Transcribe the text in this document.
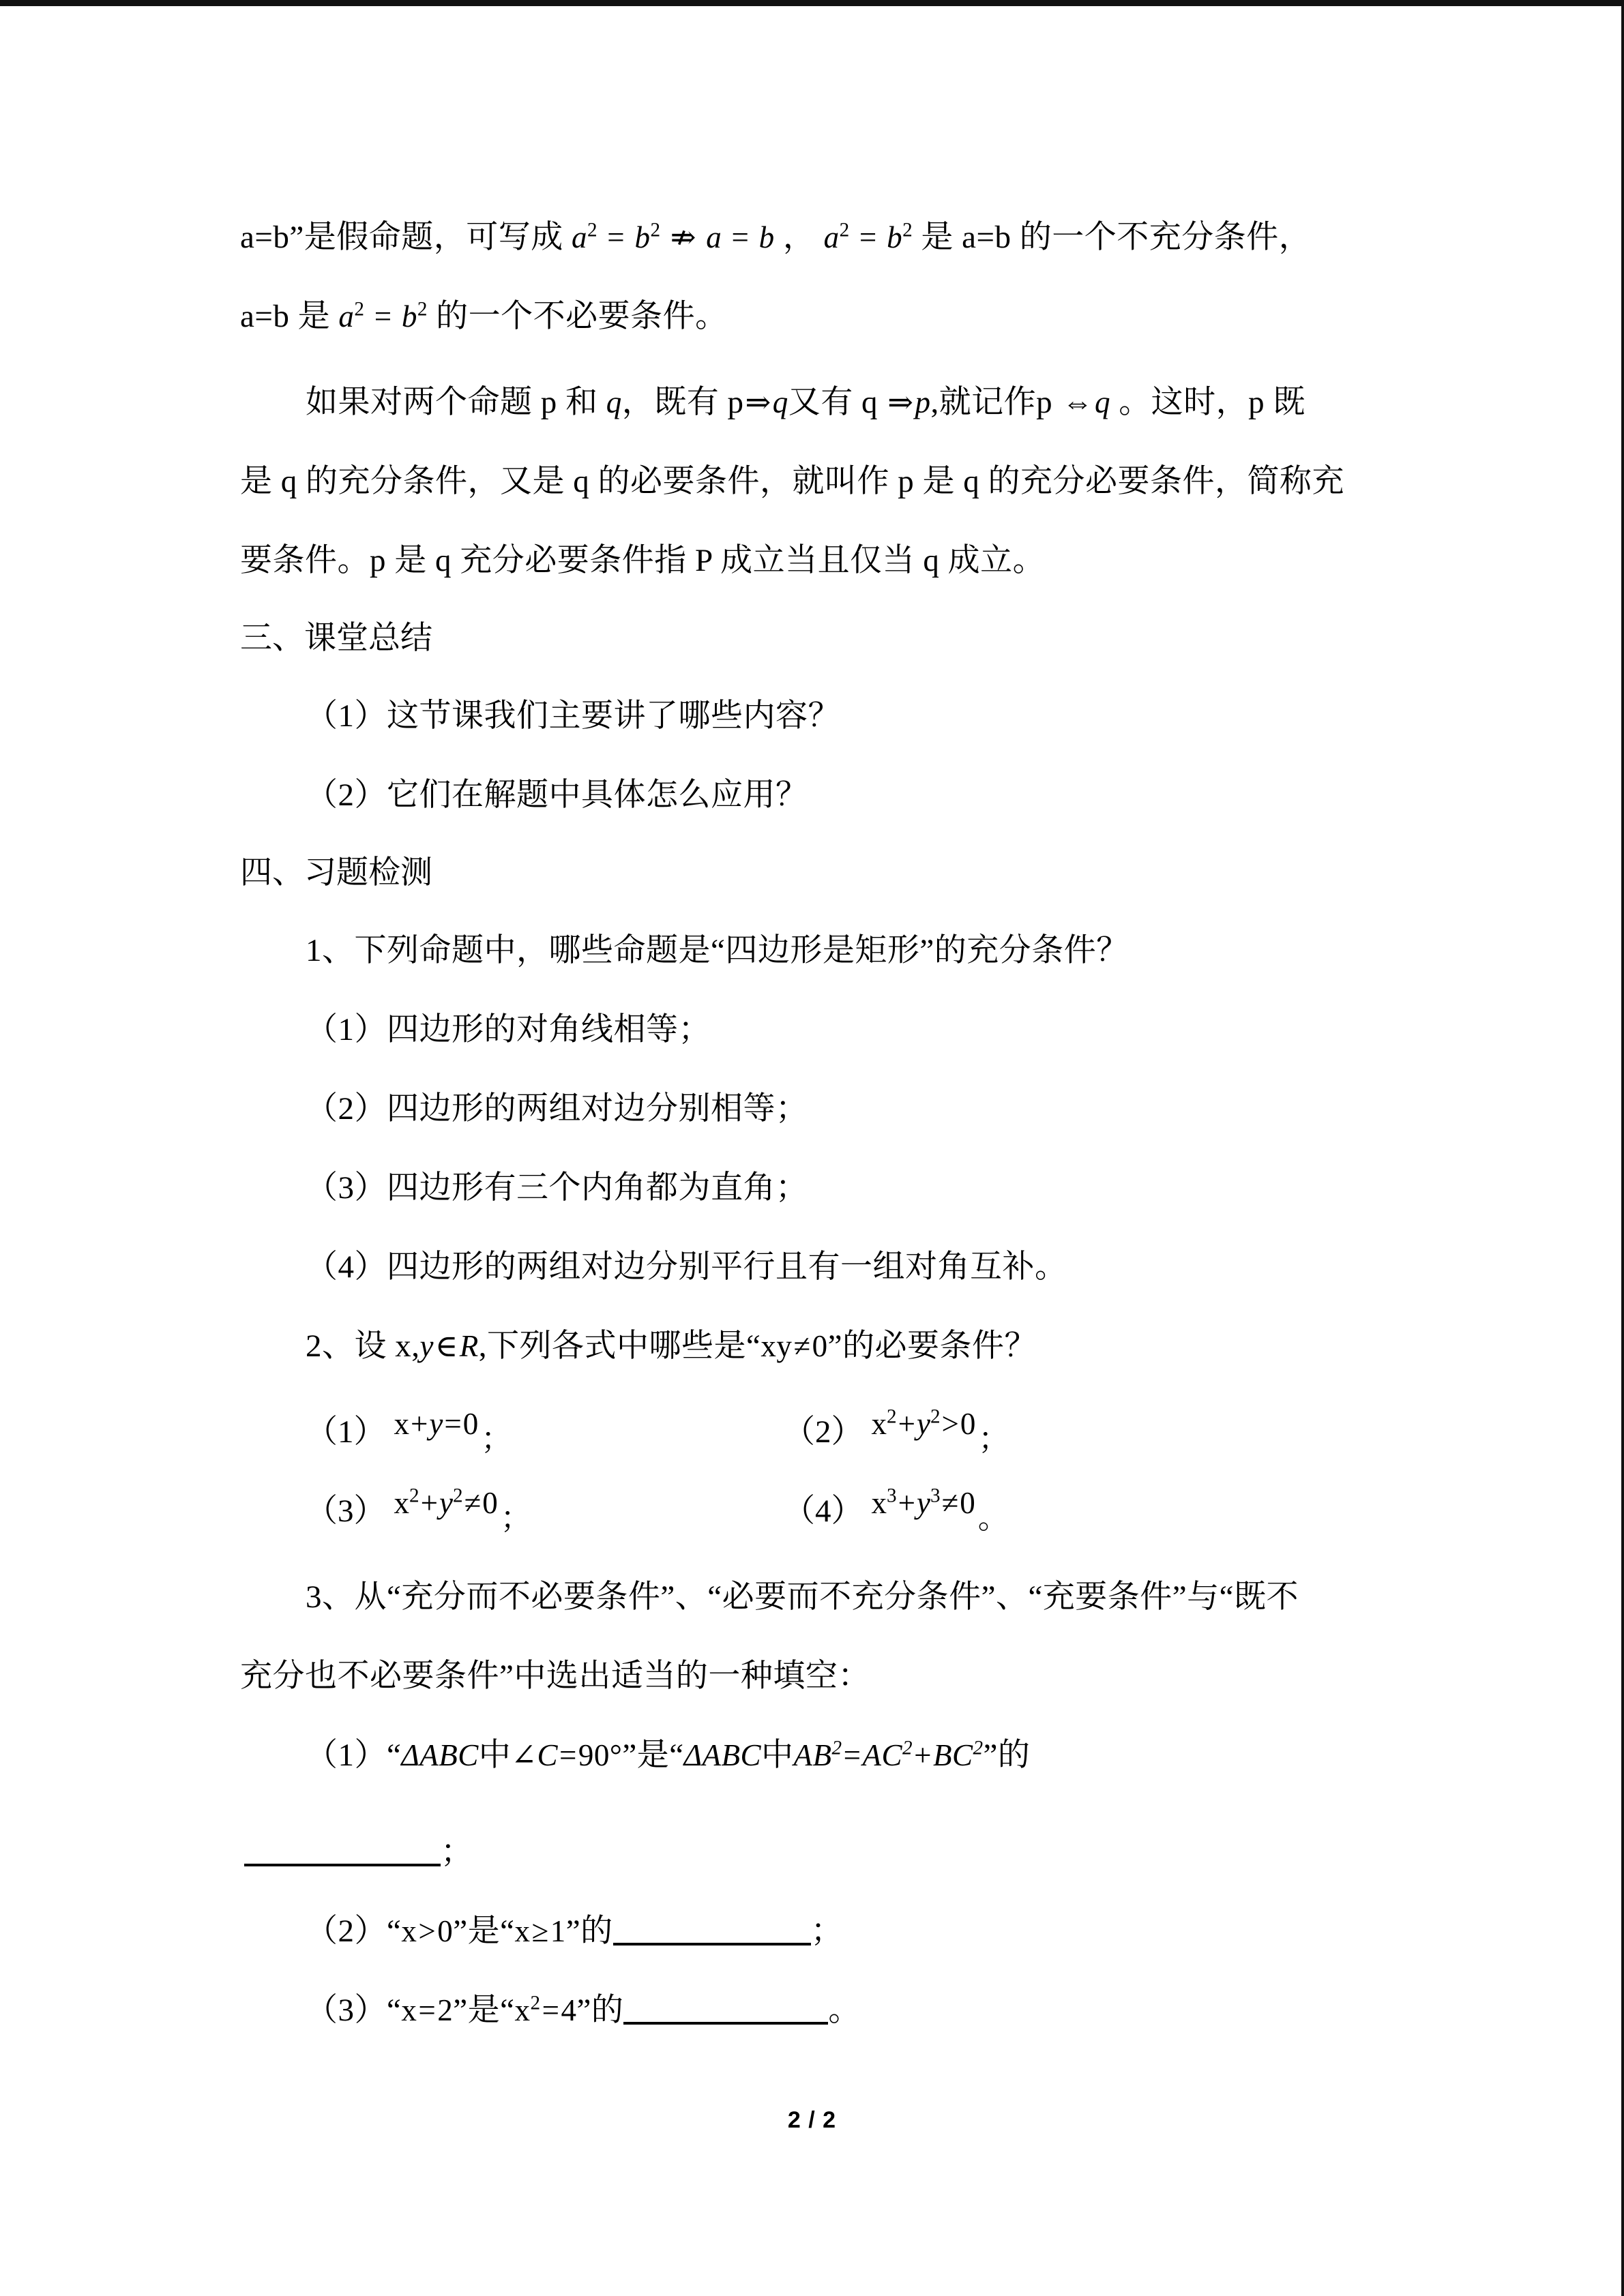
a=b”是假命题，可写成 $a^2 = b^2$ ⇏ a = b ， $a^2 = b^2$ 是 a=b 的一个不充分条件，
a=b 是 $a^2 = b^2$ 的一个不必要条件。
如果对两个命题 p 和 q，既有 p⇒q又有 q ⇒p,就记作p ⇔q 。这时，p 既
是 q 的充分条件，又是 q 的必要条件，就叫作 p 是 q 的充分必要条件，简称充
要条件。p 是 q 充分必要条件指 P 成立当且仅当 q 成立。
三、课堂总结
（1）这节课我们主要讲了哪些内容？
（2）它们在解题中具体怎么应用？
四、习题检测
1、下列命题中，哪些命题是“四边形是矩形”的充分条件？
（1）四边形的对角线相等；
（2）四边形的两组对边分别相等；
（3）四边形有三个内角都为直角；
（4）四边形的两组对边分别平行且有一组对角互补。
2、设 x,y∈R,下列各式中哪些是“xy≠0”的必要条件？
（1） x+y=0；	（2） $x^2+y^2>0$；
（3） $x^2+y^2\ne 0$；	（4） $x^3+y^3\ne 0$。
3、从“充分而不必要条件”、“必要而不充分条件”、“充要条件”与“既不
充分也不必要条件”中选出适当的一种填空：
（1）“ΔABC中∠C=90°”是“ΔABC中$AB^2=AC^2+BC^2$”的
；
（2）“x>0”是“x≥1”的	；
（3）“x=2”是“$x^2=4$”的	。
2 / 2
